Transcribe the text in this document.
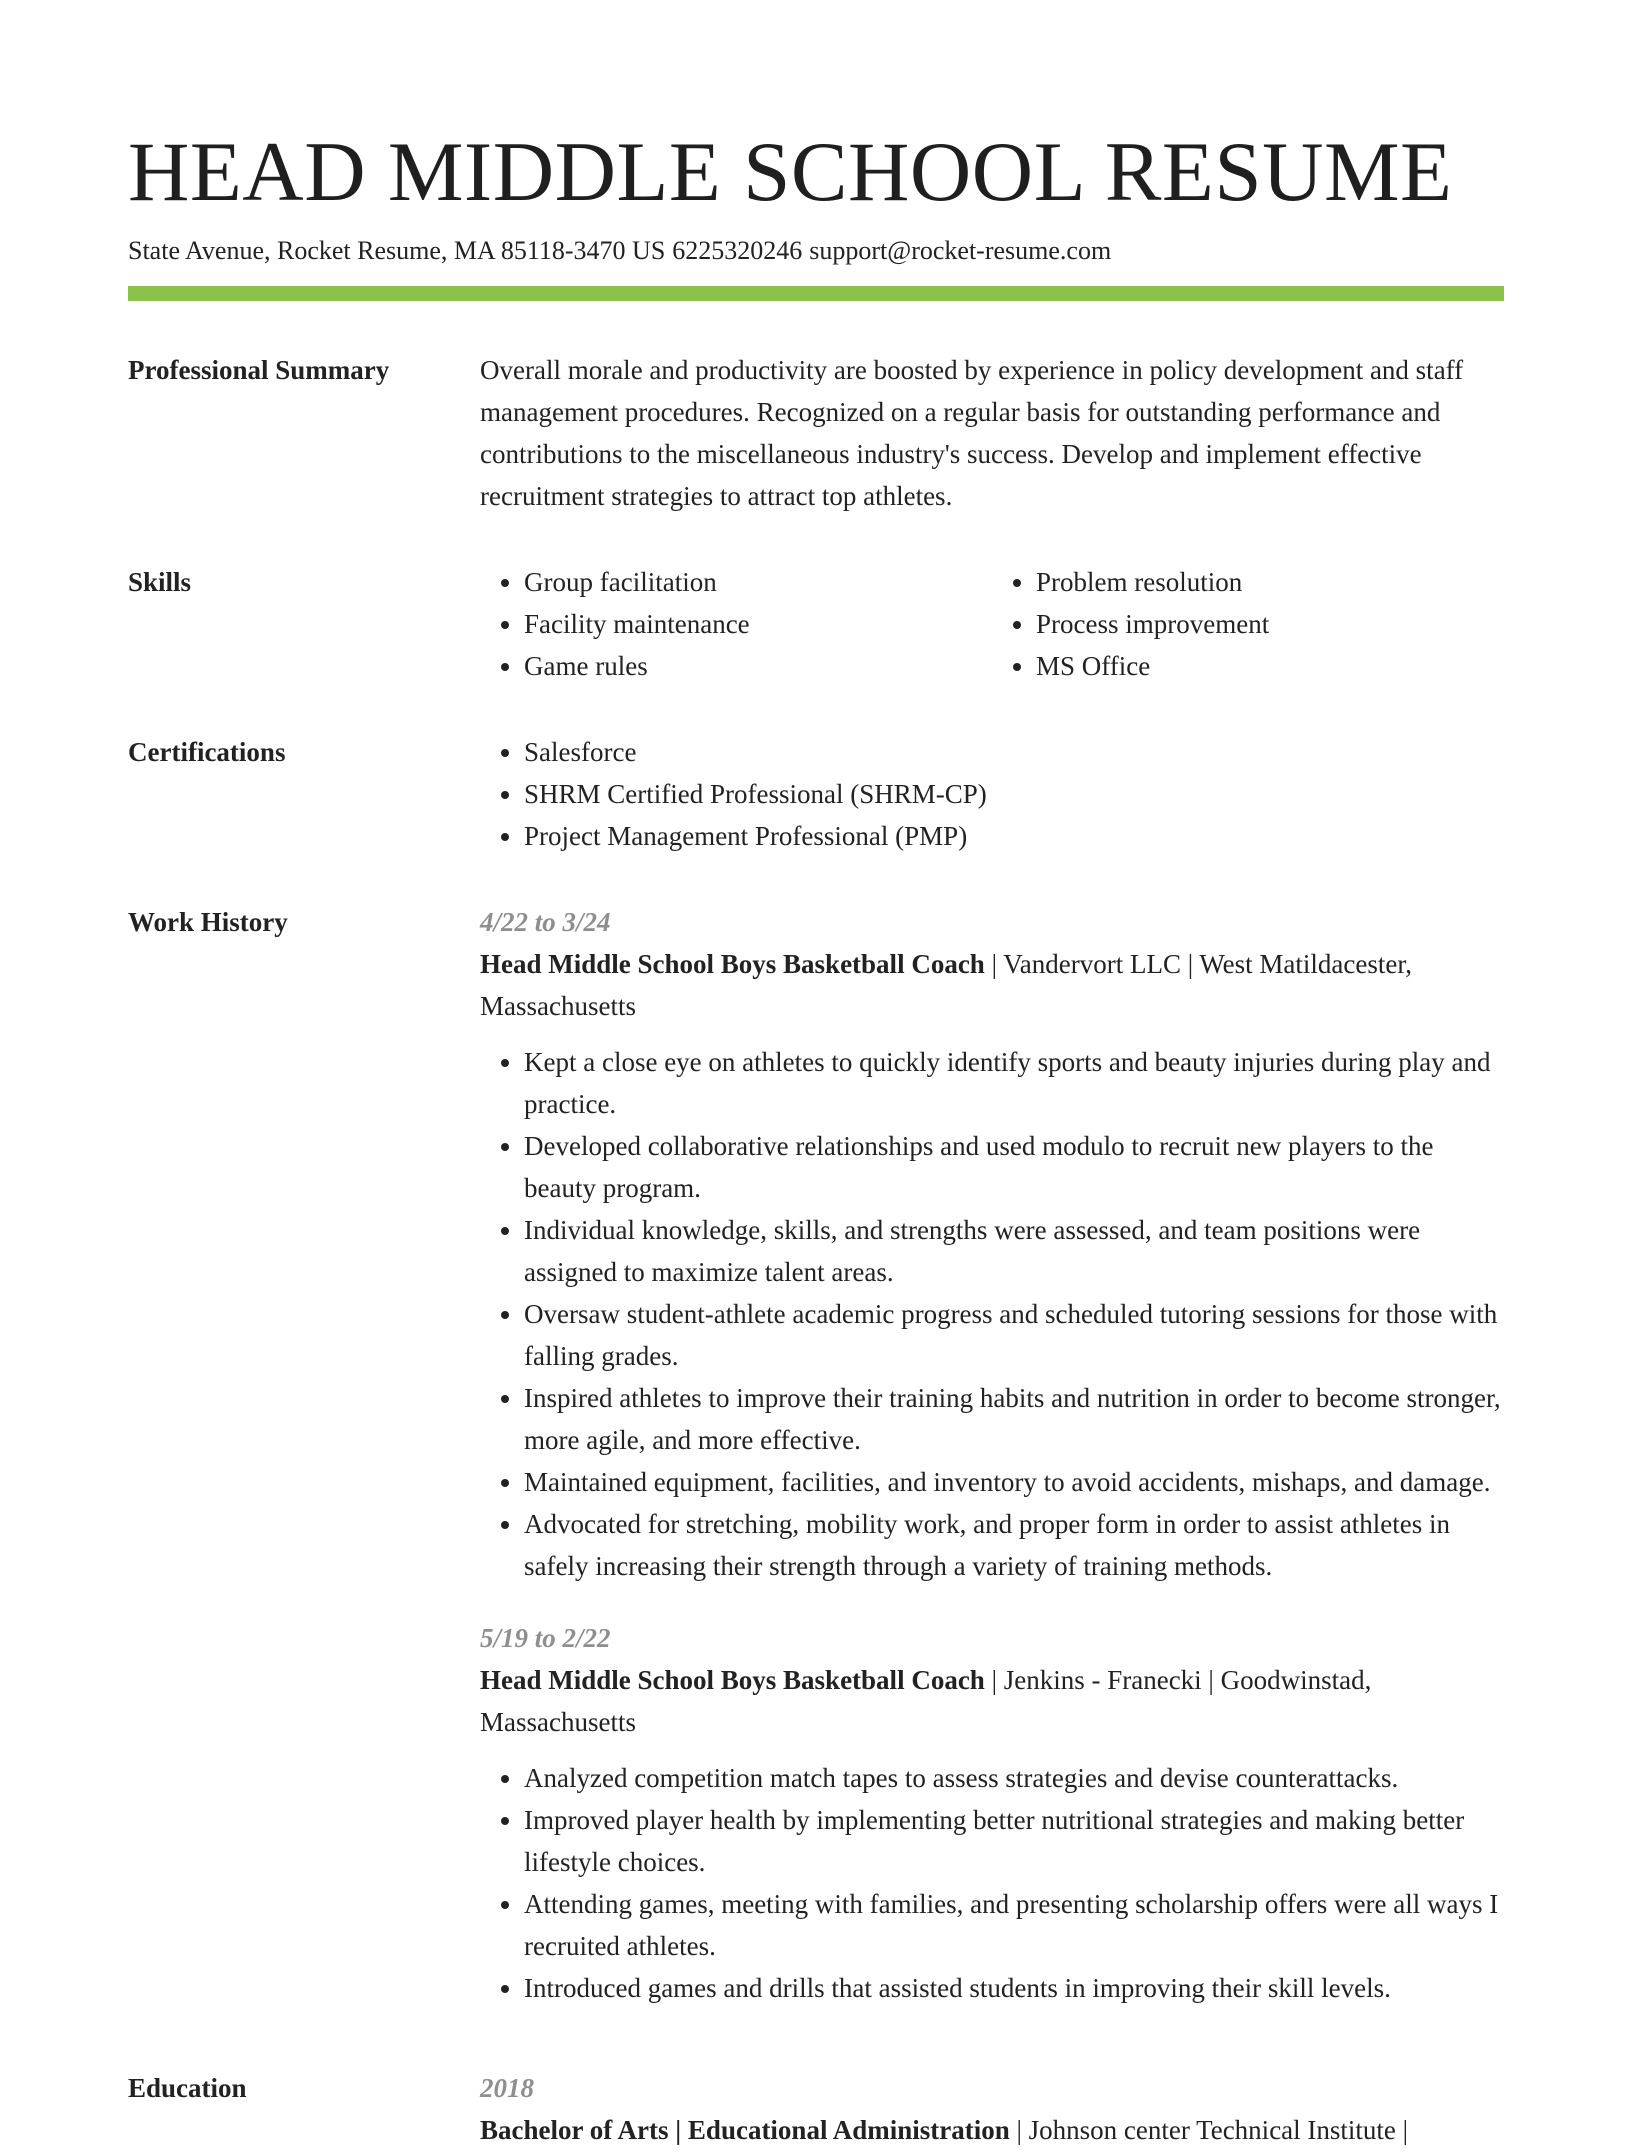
HEAD MIDDLE SCHOOL RESUME
State Avenue, Rocket Resume, MA 85118-3470 US 6225320246 support@rocket-resume.com
Professional Summary	Overall morale and productivity are boosted by experience in policy development and staff management procedures. Recognized on a regular basis for outstanding performance and contributions to the miscellaneous industry's success. Develop and implement effective recruitment strategies to attract top athletes.

Skills	• Group facilitation
• Facility maintenance
• Game rules
• Problem resolution
• Process improvement
• MS Office
Certifications	• Salesforce
• SHRM Certified Professional (SHRM-CP)
• Project Management Professional (PMP)
Work History	4/22 to 3/24
Head Middle School Boys Basketball Coach | Vandervort LLC | West Matildacester, Massachusetts
• Kept a close eye on athletes to quickly identify sports and beauty injuries during play and practice.
• Developed collaborative relationships and used modulo to recruit new players to the beauty program.
• Individual knowledge, skills, and strengths were assessed, and team positions were assigned to maximize talent areas.
• Oversaw student-athlete academic progress and scheduled tutoring sessions for those with falling grades.
• Inspired athletes to improve their training habits and nutrition in order to become stronger, more agile, and more effective.
• Maintained equipment, facilities, and inventory to avoid accidents, mishaps, and damage.
• Advocated for stretching, mobility work, and proper form in order to assist athletes in safely increasing their strength through a variety of training methods.
5/19 to 2/22
Head Middle School Boys Basketball Coach | Jenkins - Franecki | Goodwinstad, Massachusetts
• Analyzed competition match tapes to assess strategies and devise counterattacks.
• Improved player health by implementing better nutritional strategies and making better lifestyle choices.
• Attending games, meeting with families, and presenting scholarship offers were all ways I recruited athletes.
• Introduced games and drills that assisted students in improving their skill levels.
Education	2018
Bachelor of Arts | Educational Administration | Johnson center Technical Institute |
